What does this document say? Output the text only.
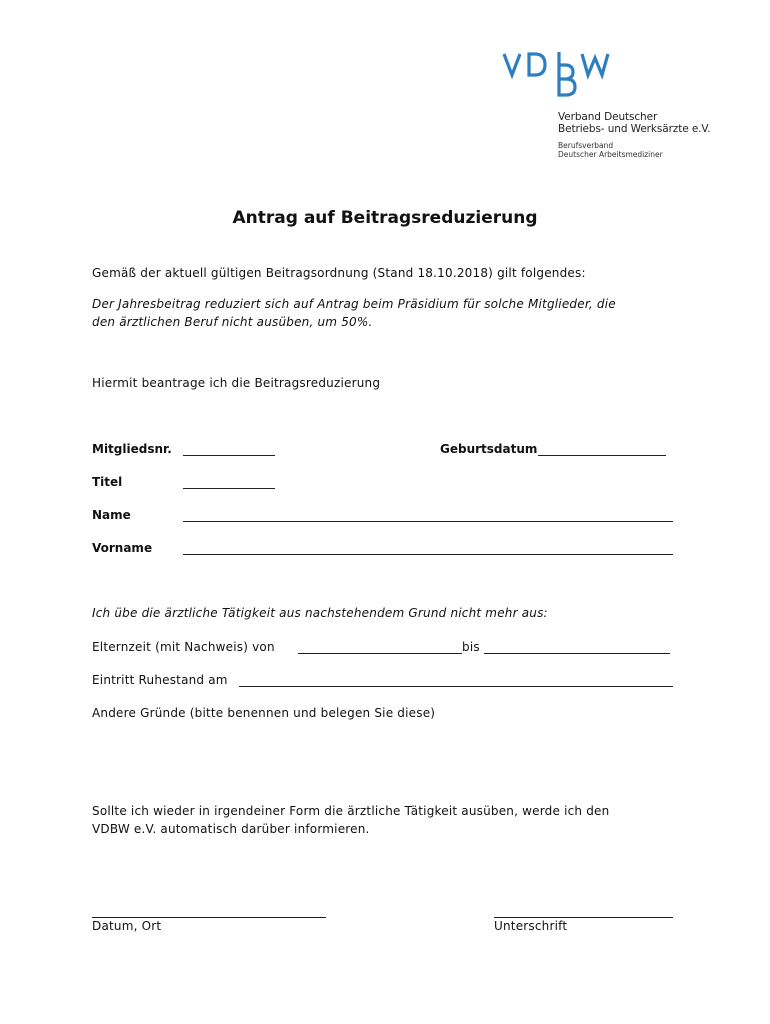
Verband Deutscher
Betriebs- und Werksärzte e.V.
Berufsverband
Deutscher Arbeitsmediziner
Antrag auf Beitragsreduzierung
Gemäß der aktuell gültigen Beitragsordnung (Stand 18.10.2018) gilt folgendes:
Der Jahresbeitrag reduziert sich auf Antrag beim Präsidium für solche Mitglieder, die
den ärztlichen Beruf nicht ausüben, um 50%.
Hiermit beantrage ich die Beitragsreduzierung
Mitgliedsnr.	Geburtsdatum
Titel
Name
Vorname
Ich übe die ärztliche Tätigkeit aus nachstehendem Grund nicht mehr aus:
Elternzeit (mit Nachweis) von	bis
Eintritt Ruhestand am
Andere Gründe (bitte benennen und belegen Sie diese)
Sollte ich wieder in irgendeiner Form die ärztliche Tätigkeit ausüben, werde ich den
VDBW e.V. automatisch darüber informieren.
Datum, Ort	Unterschrift
